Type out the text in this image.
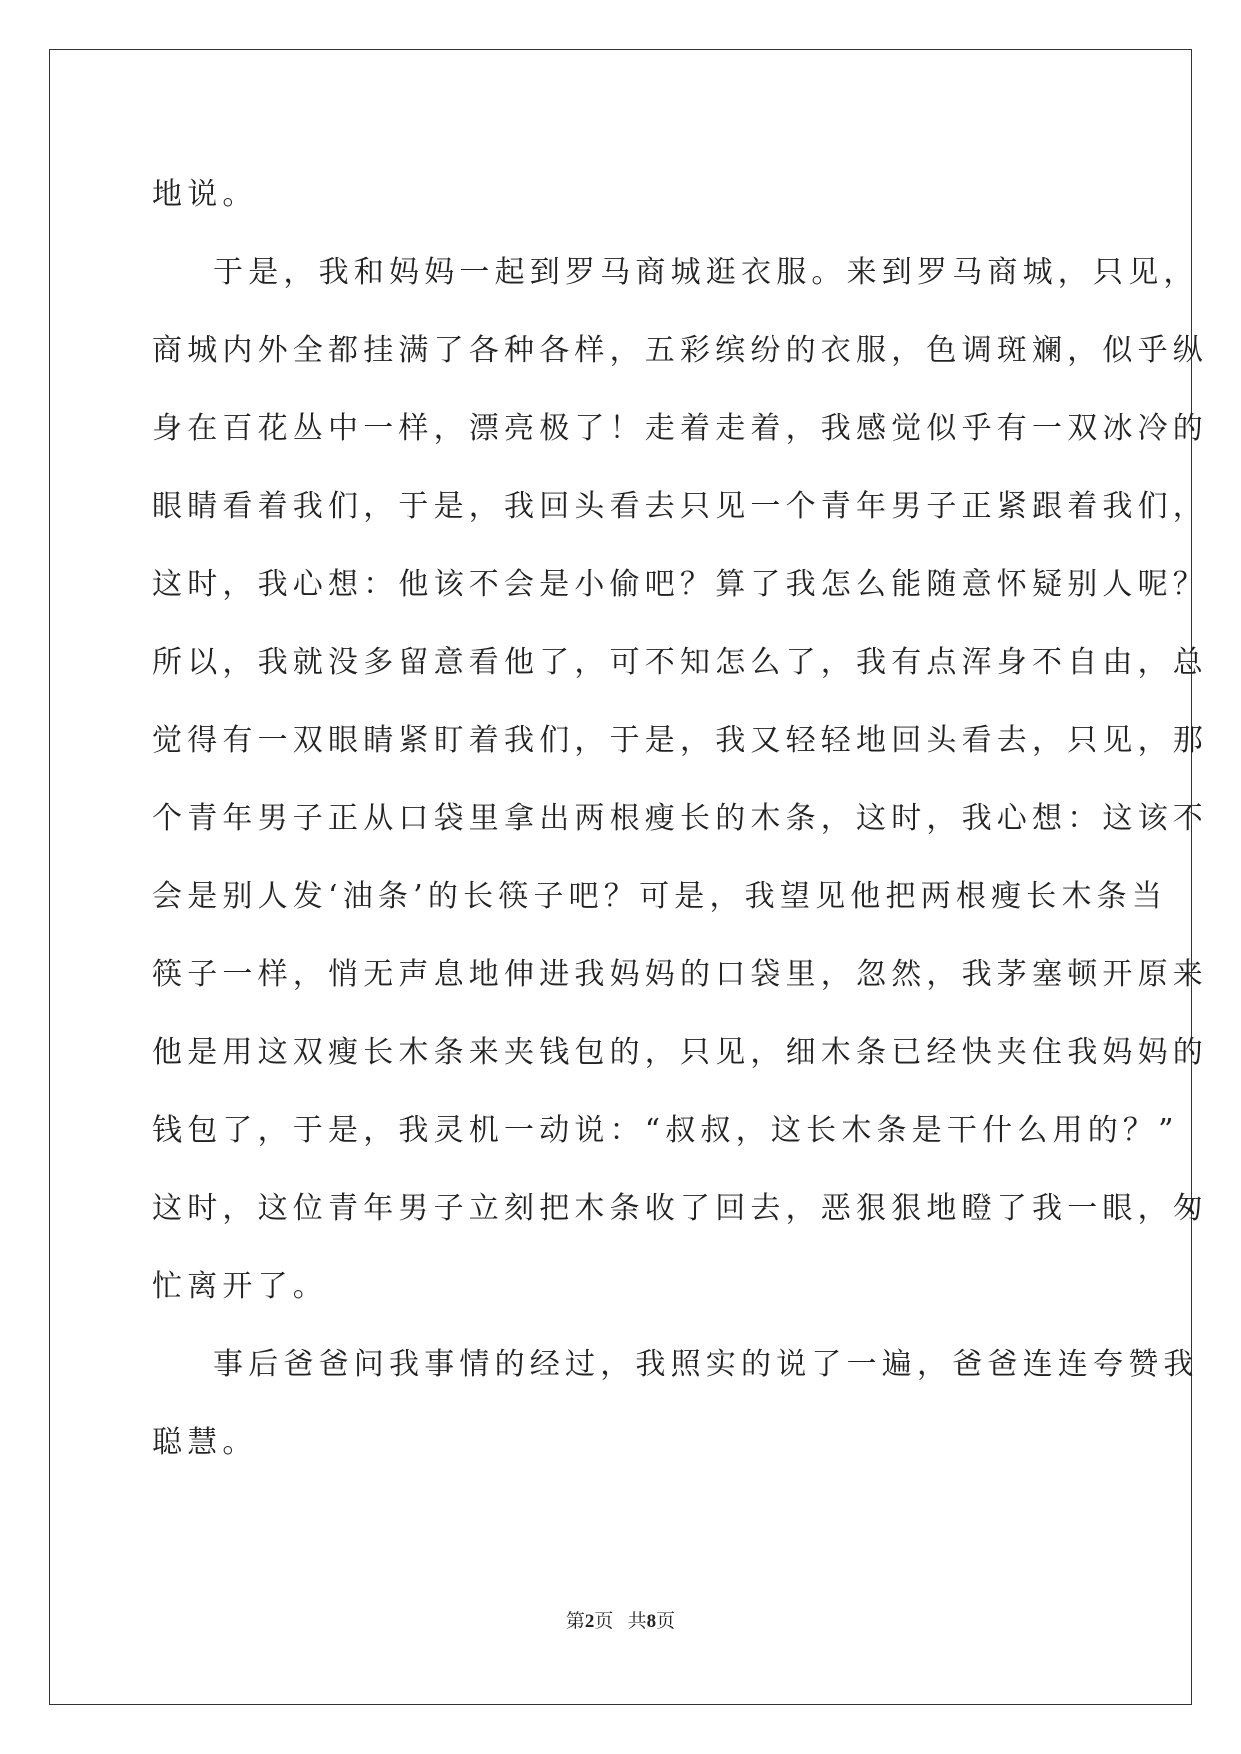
地说。
于是，我和妈妈一起到罗马商城逛衣服。来到罗马商城，只见，
商城内外全都挂满了各种各样，五彩缤纷的衣服，色调斑斓，似乎纵
身在百花丛中一样，漂亮极了！走着走着，我感觉似乎有一双冰冷的
眼睛看着我们，于是，我回头看去只见一个青年男子正紧跟着我们，
这时，我心想：他该不会是小偷吧？算了我怎么能随意怀疑别人呢？
所以，我就没多留意看他了，可不知怎么了，我有点浑身不自由，总
觉得有一双眼睛紧盯着我们，于是，我又轻轻地回头看去，只见，那
个青年男子正从口袋里拿出两根瘦长的木条，这时，我心想：这该不
会是别人发‘油条’的长筷子吧？可是，我望见他把两根瘦长木条当
筷子一样，悄无声息地伸进我妈妈的口袋里，忽然，我茅塞顿开原来
他是用这双瘦长木条来夹钱包的，只见，细木条已经快夹住我妈妈的
钱包了，于是，我灵机一动说：“叔叔，这长木条是干什么用的？”
这时，这位青年男子立刻把木条收了回去，恶狠狠地瞪了我一眼，匆
忙离开了。
事后爸爸问我事情的经过，我照实的说了一遍，爸爸连连夸赞我
聪慧。
第2页 共8页
